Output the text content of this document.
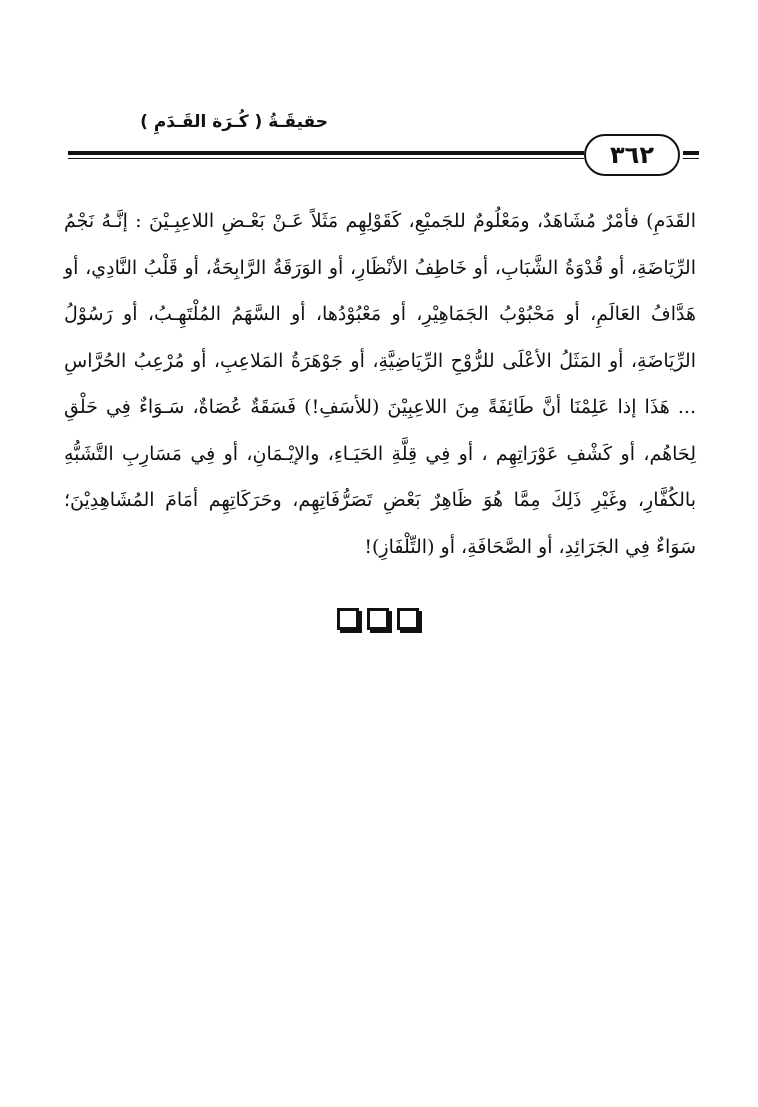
حقيقَـةُ ( كُـرَة القَـدَمِ )
٣٦٢

القَدَمِ) فأمْرٌ مُشَاهَدٌ، ومَعْلُومٌ للجَميْعِ، كَقَوْلِهِم مَثَلاً عَـنْ بَعْـضِ اللاعِبِـيْنَ : إنَّـهُ نَجْمُ الرِّيَاضَةِ، أو قُدْوَةُ الشَّبَابِ، أو خَاطِفُ الأنْظَارِ، أو الوَرَقَةُ الرَّابِحَةُ، أو قَلْبُ النَّادِي، أو هَدَّافُ العَالَمِ، أو مَحْبُوْبُ الجَمَاهِيْرِ، أو مَعْبُوْدُها، أو السَّهَمُ المُلْتَهِـبُ، أو رَسُوْلُ الرِّيَاضَةِ، أو المَثَلُ الأعْلَى للرُّوْحِ الرِّيَاضِيَّةِ، أو جَوْهَرَةُ المَلاعِبِ، أو مُرْعِبُ الحُرَّاسِ ... هَذَا إذا عَلِمْنَا أنَّ طَائِفَةً مِنَ اللاعِبِيْنَ (للأسَفِ!) فَسَقَةٌ عُصَاةٌ، سَـوَاءٌ فِي حَلْقِ لِحَاهُم، أو كَشْفِ عَوْرَاتِهِم ، أو فِي قِلَّةِ الحَيَـاءِ، والإيْـمَانِ، أو فِي مَسَارِبِ التَّشَبُّهِ بالكُفَّارِ، وغَيْرِ ذَلِكَ مِمَّا هُوَ ظَاهِرٌ بَعْضِ تَصَرُّفَاتِهِم، وحَرَكَاتِهِم أمَامَ المُشَاهِدِيْنَ؛ سَوَاءٌ فِي الجَرَائِدِ، أو الصَّحَافَةِ، أو (التِّلْفَازِ)!
